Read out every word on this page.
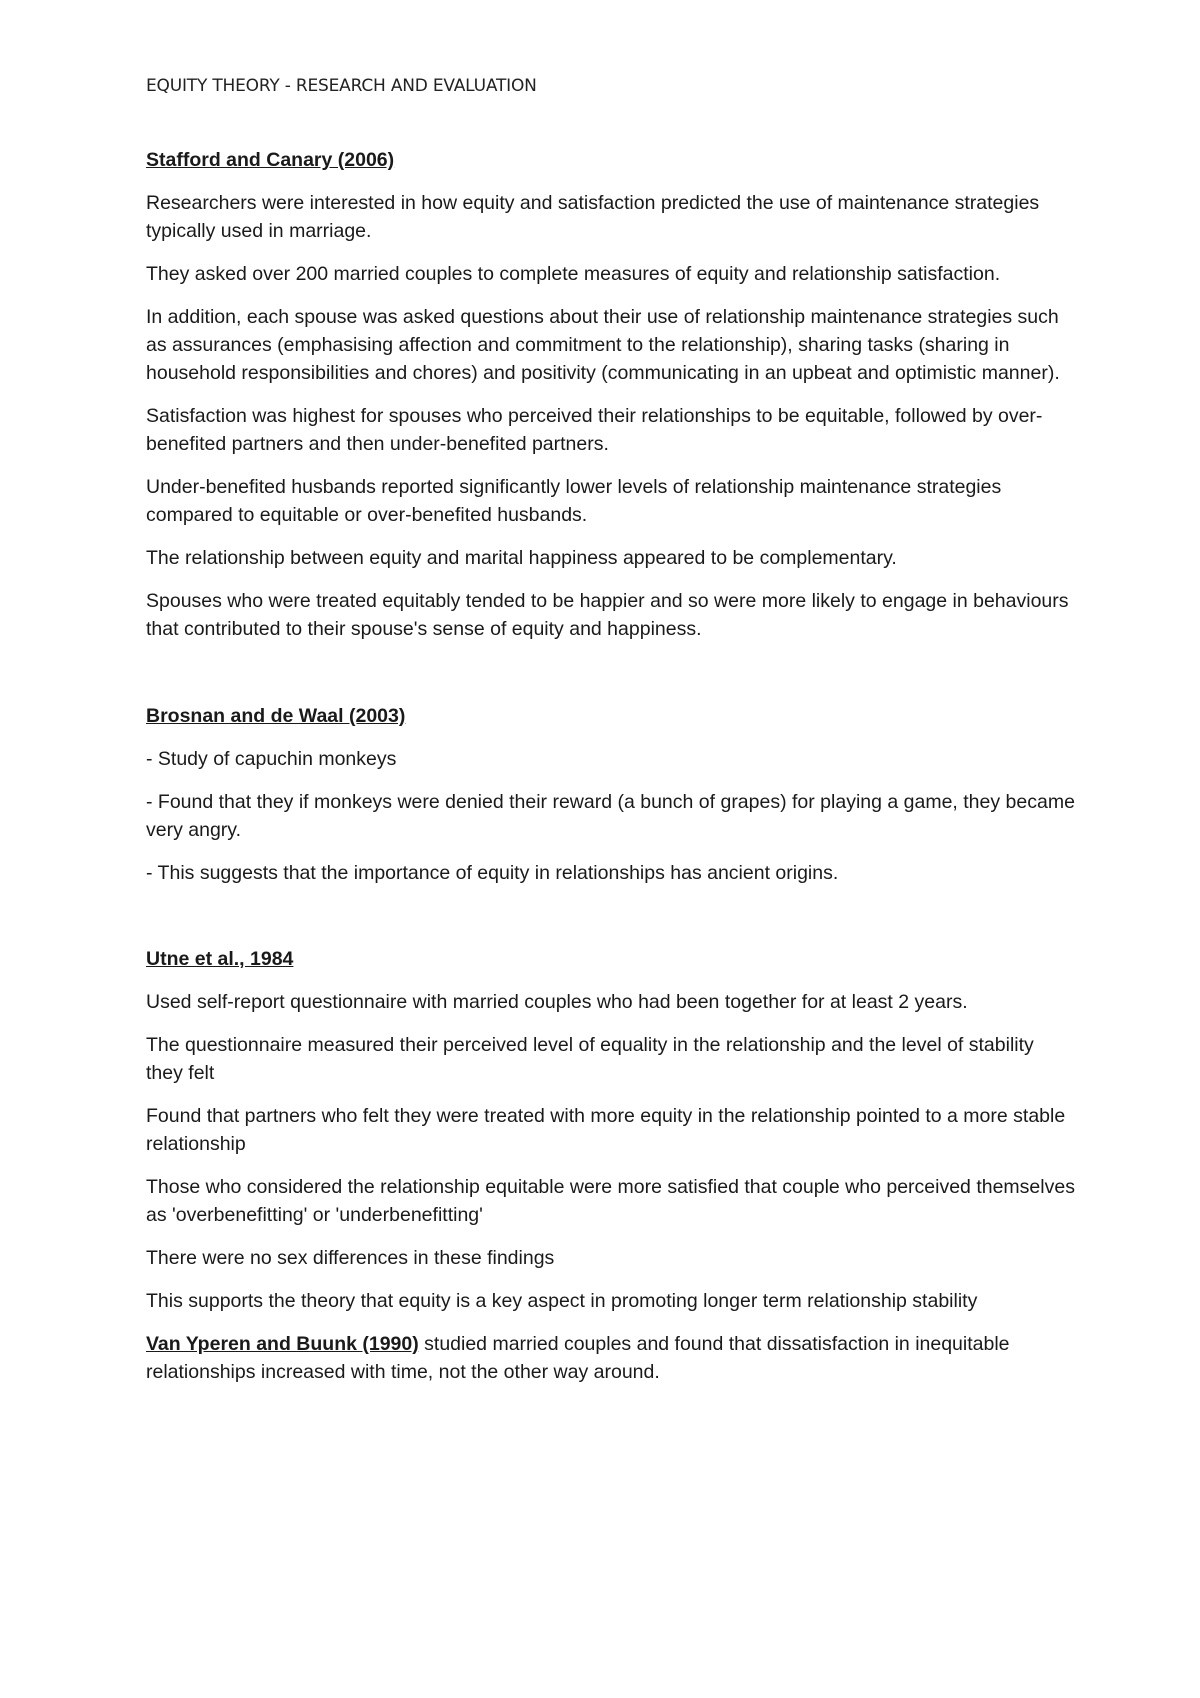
EQUITY THEORY - RESEARCH AND EVALUATION
Stafford and Canary (2006)

Researchers were interested in how equity and satisfaction predicted the use of maintenance strategies typically used in marriage.

They asked over 200 married couples to complete measures of equity and relationship satisfaction.

In addition, each spouse was asked questions about their use of relationship maintenance strategies such as assurances (emphasising affection and commitment to the relationship), sharing tasks (sharing in household responsibilities and chores) and positivity (communicating in an upbeat and optimistic manner).

Satisfaction was highest for spouses who perceived their relationships to be equitable, followed by over-benefited partners and then under-benefited partners.

Under-benefited husbands reported significantly lower levels of relationship maintenance strategies compared to equitable or over-benefited husbands.

The relationship between equity and marital happiness appeared to be complementary.

Spouses who were treated equitably tended to be happier and so were more likely to engage in behaviours that contributed to their spouse's sense of equity and happiness.

Brosnan and de Waal (2003)

- Study of capuchin monkeys

- Found that they if monkeys were denied their reward (a bunch of grapes) for playing a game, they became very angry.

- This suggests that the importance of equity in relationships has ancient origins.

Utne et al., 1984

Used self-report questionnaire with married couples who had been together for at least 2 years.

The questionnaire measured their perceived level of equality in the relationship and the level of stability they felt

Found that partners who felt they were treated with more equity in the relationship pointed to a more stable relationship

Those who considered the relationship equitable were more satisfied that couple who perceived themselves as 'overbenefitting' or 'underbenefitting'

There were no sex differences in these findings

This supports the theory that equity is a key aspect in promoting longer term relationship stability

Van Yperen and Buunk (1990) studied married couples and found that dissatisfaction in inequitable relationships increased with time, not the other way around.
